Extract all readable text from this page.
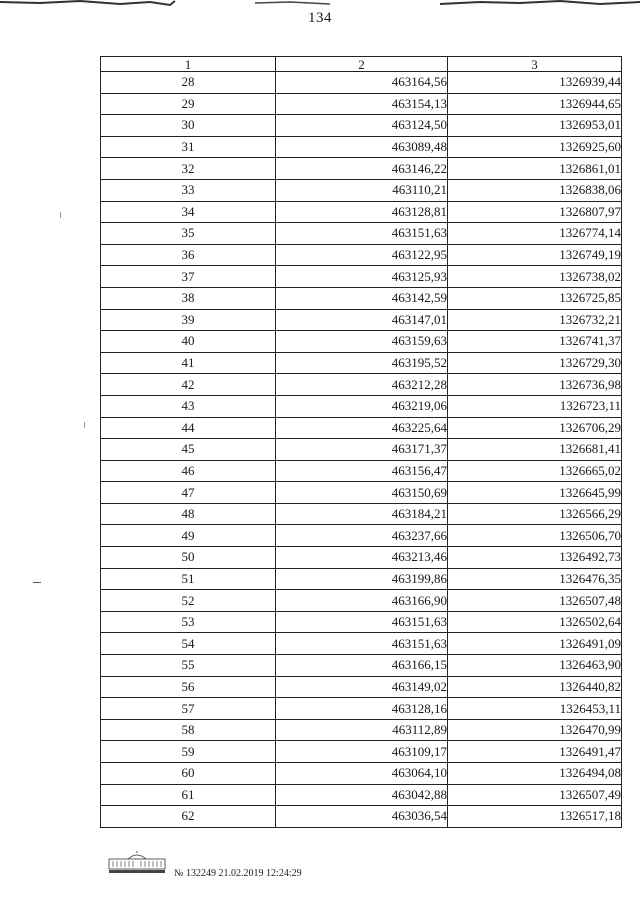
134
1	2	3
28	463164,56	1326939,44
29	463154,13	1326944,65
30	463124,50	1326953,01
31	463089,48	1326925,60
32	463146,22	1326861,01
33	463110,21	1326838,06
34	463128,81	1326807,97
35	463151,63	1326774,14
36	463122,95	1326749,19
37	463125,93	1326738,02
38	463142,59	1326725,85
39	463147,01	1326732,21
40	463159,63	1326741,37
41	463195,52	1326729,30
42	463212,28	1326736,98
43	463219,06	1326723,11
44	463225,64	1326706,29
45	463171,37	1326681,41
46	463156,47	1326665,02
47	463150,69	1326645,99
48	463184,21	1326566,29
49	463237,66	1326506,70
50	463213,46	1326492,73
51	463199,86	1326476,35
52	463166,90	1326507,48
53	463151,63	1326502,64
54	463151,63	1326491,09
55	463166,15	1326463,90
56	463149,02	1326440,82
57	463128,16	1326453,11
58	463112,89	1326470,99
59	463109,17	1326491,47
60	463064,10	1326494,08
61	463042,88	1326507,49
62	463036,54	1326517,18
№ 132249 21.02.2019 12:24:29
